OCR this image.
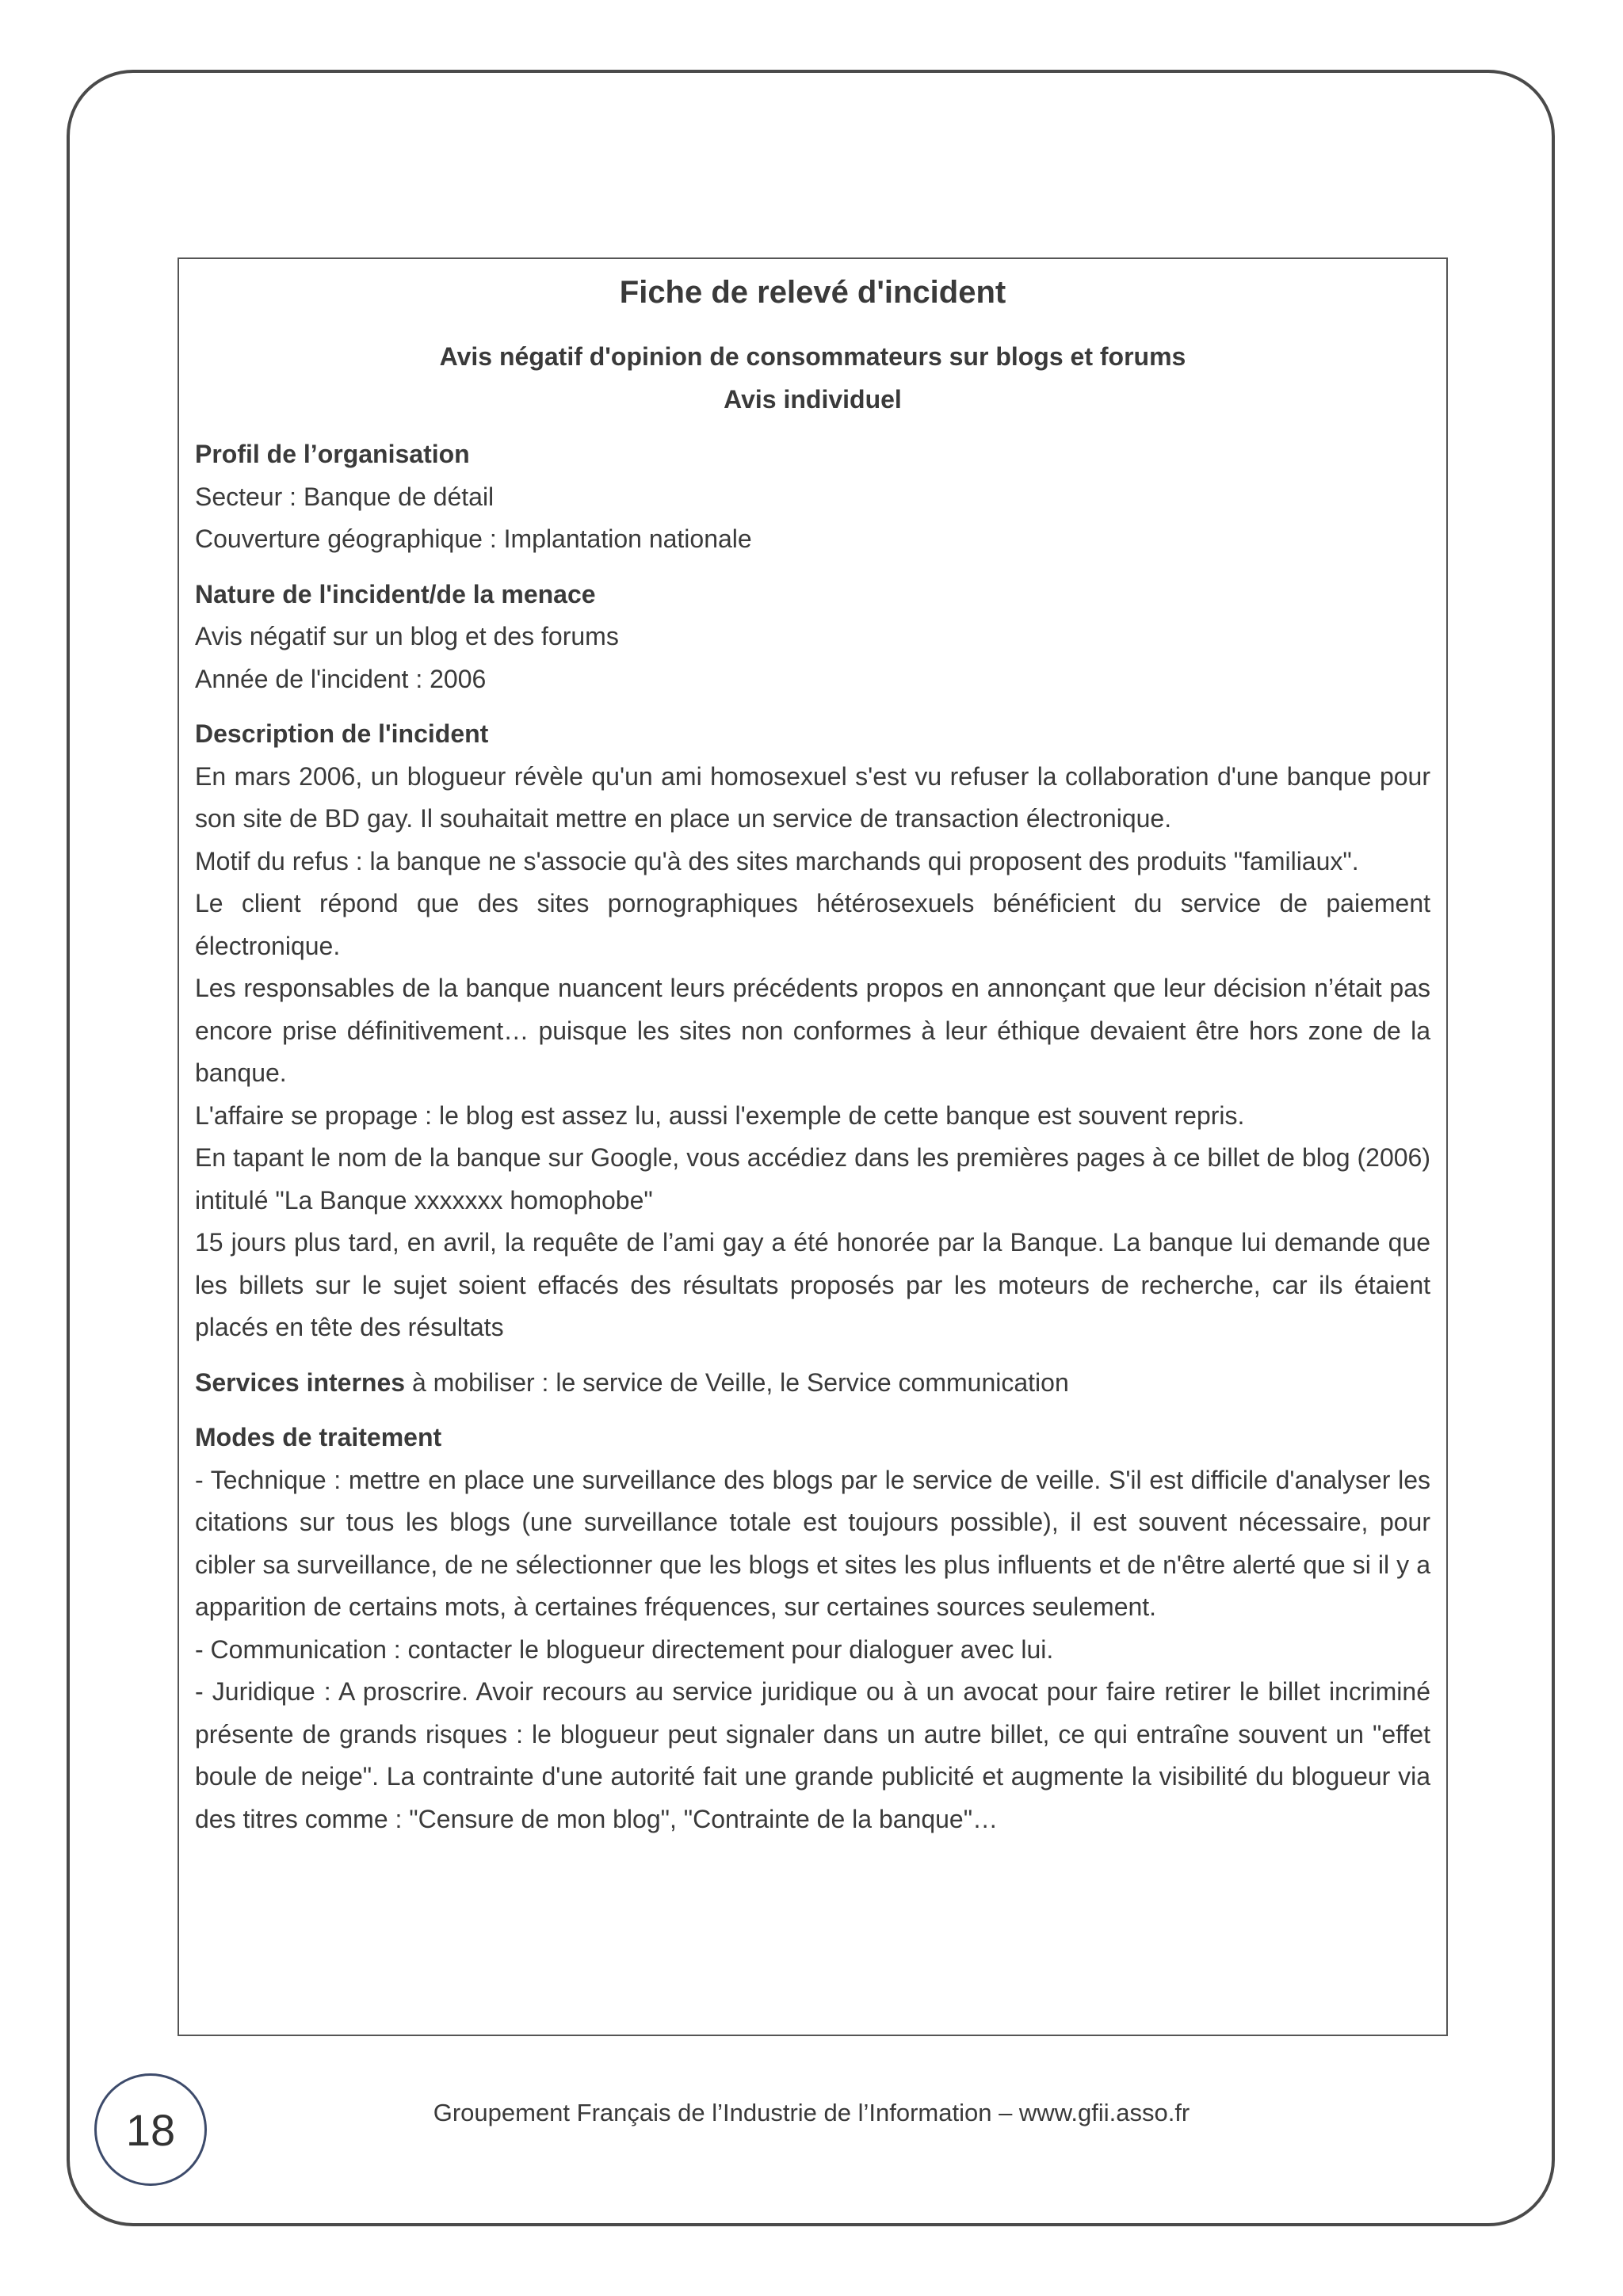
Fiche de relevé d'incident
Avis négatif d'opinion de consommateurs sur blogs et forums
Avis individuel
Profil de l’organisation
Secteur : Banque de détail
Couverture géographique : Implantation nationale
Nature de l'incident/de la menace
Avis négatif sur un blog et des forums
Année de l'incident : 2006
Description de l'incident
En mars 2006, un blogueur révèle qu'un ami homosexuel s'est vu refuser la collaboration d'une banque pour son site de BD gay. Il souhaitait mettre en place un service de transaction électronique.
Motif du refus : la banque ne s'associe qu'à des sites marchands qui proposent des produits "familiaux".
Le client répond que des sites pornographiques hétérosexuels bénéficient du service de paiement électronique.
Les responsables de la banque nuancent leurs précédents propos en annonçant que leur décision n’était pas encore prise définitivement… puisque les sites non conformes à leur éthique devaient être hors zone de la banque.
L'affaire se propage : le blog est assez lu, aussi l'exemple de cette banque est souvent repris.
En tapant le nom de la banque sur Google, vous accédiez dans les premières pages à ce billet de blog (2006) intitulé "La Banque xxxxxxx homophobe"
15 jours plus tard, en avril, la requête de l’ami gay a été honorée par la Banque. La banque lui demande que les billets sur le sujet soient effacés des résultats proposés par les moteurs de recherche, car ils étaient placés en tête des résultats
Services internes à mobiliser : le service de Veille, le Service communication
Modes de traitement
- Technique : mettre en place une surveillance des blogs par le service de veille. S'il est difficile d'analyser les citations sur tous les blogs (une surveillance totale est toujours possible), il est souvent nécessaire, pour cibler sa surveillance, de ne sélectionner que les blogs et sites les plus influents et de n'être alerté que si il y a apparition de certains mots, à certaines fréquences, sur certaines sources seulement.
- Communication : contacter le blogueur directement pour dialoguer avec lui.
- Juridique : A proscrire. Avoir recours au service juridique ou à un avocat pour faire retirer le billet incriminé présente de grands risques : le blogueur peut signaler dans un autre billet, ce qui entraîne souvent un "effet boule de neige". La contrainte d'une autorité fait une grande publicité et augmente la visibilité du blogueur via des titres comme : "Censure de mon blog", "Contrainte de la banque"…
18	Groupement Français de l’Industrie de l’Information – www.gfii.asso.fr
